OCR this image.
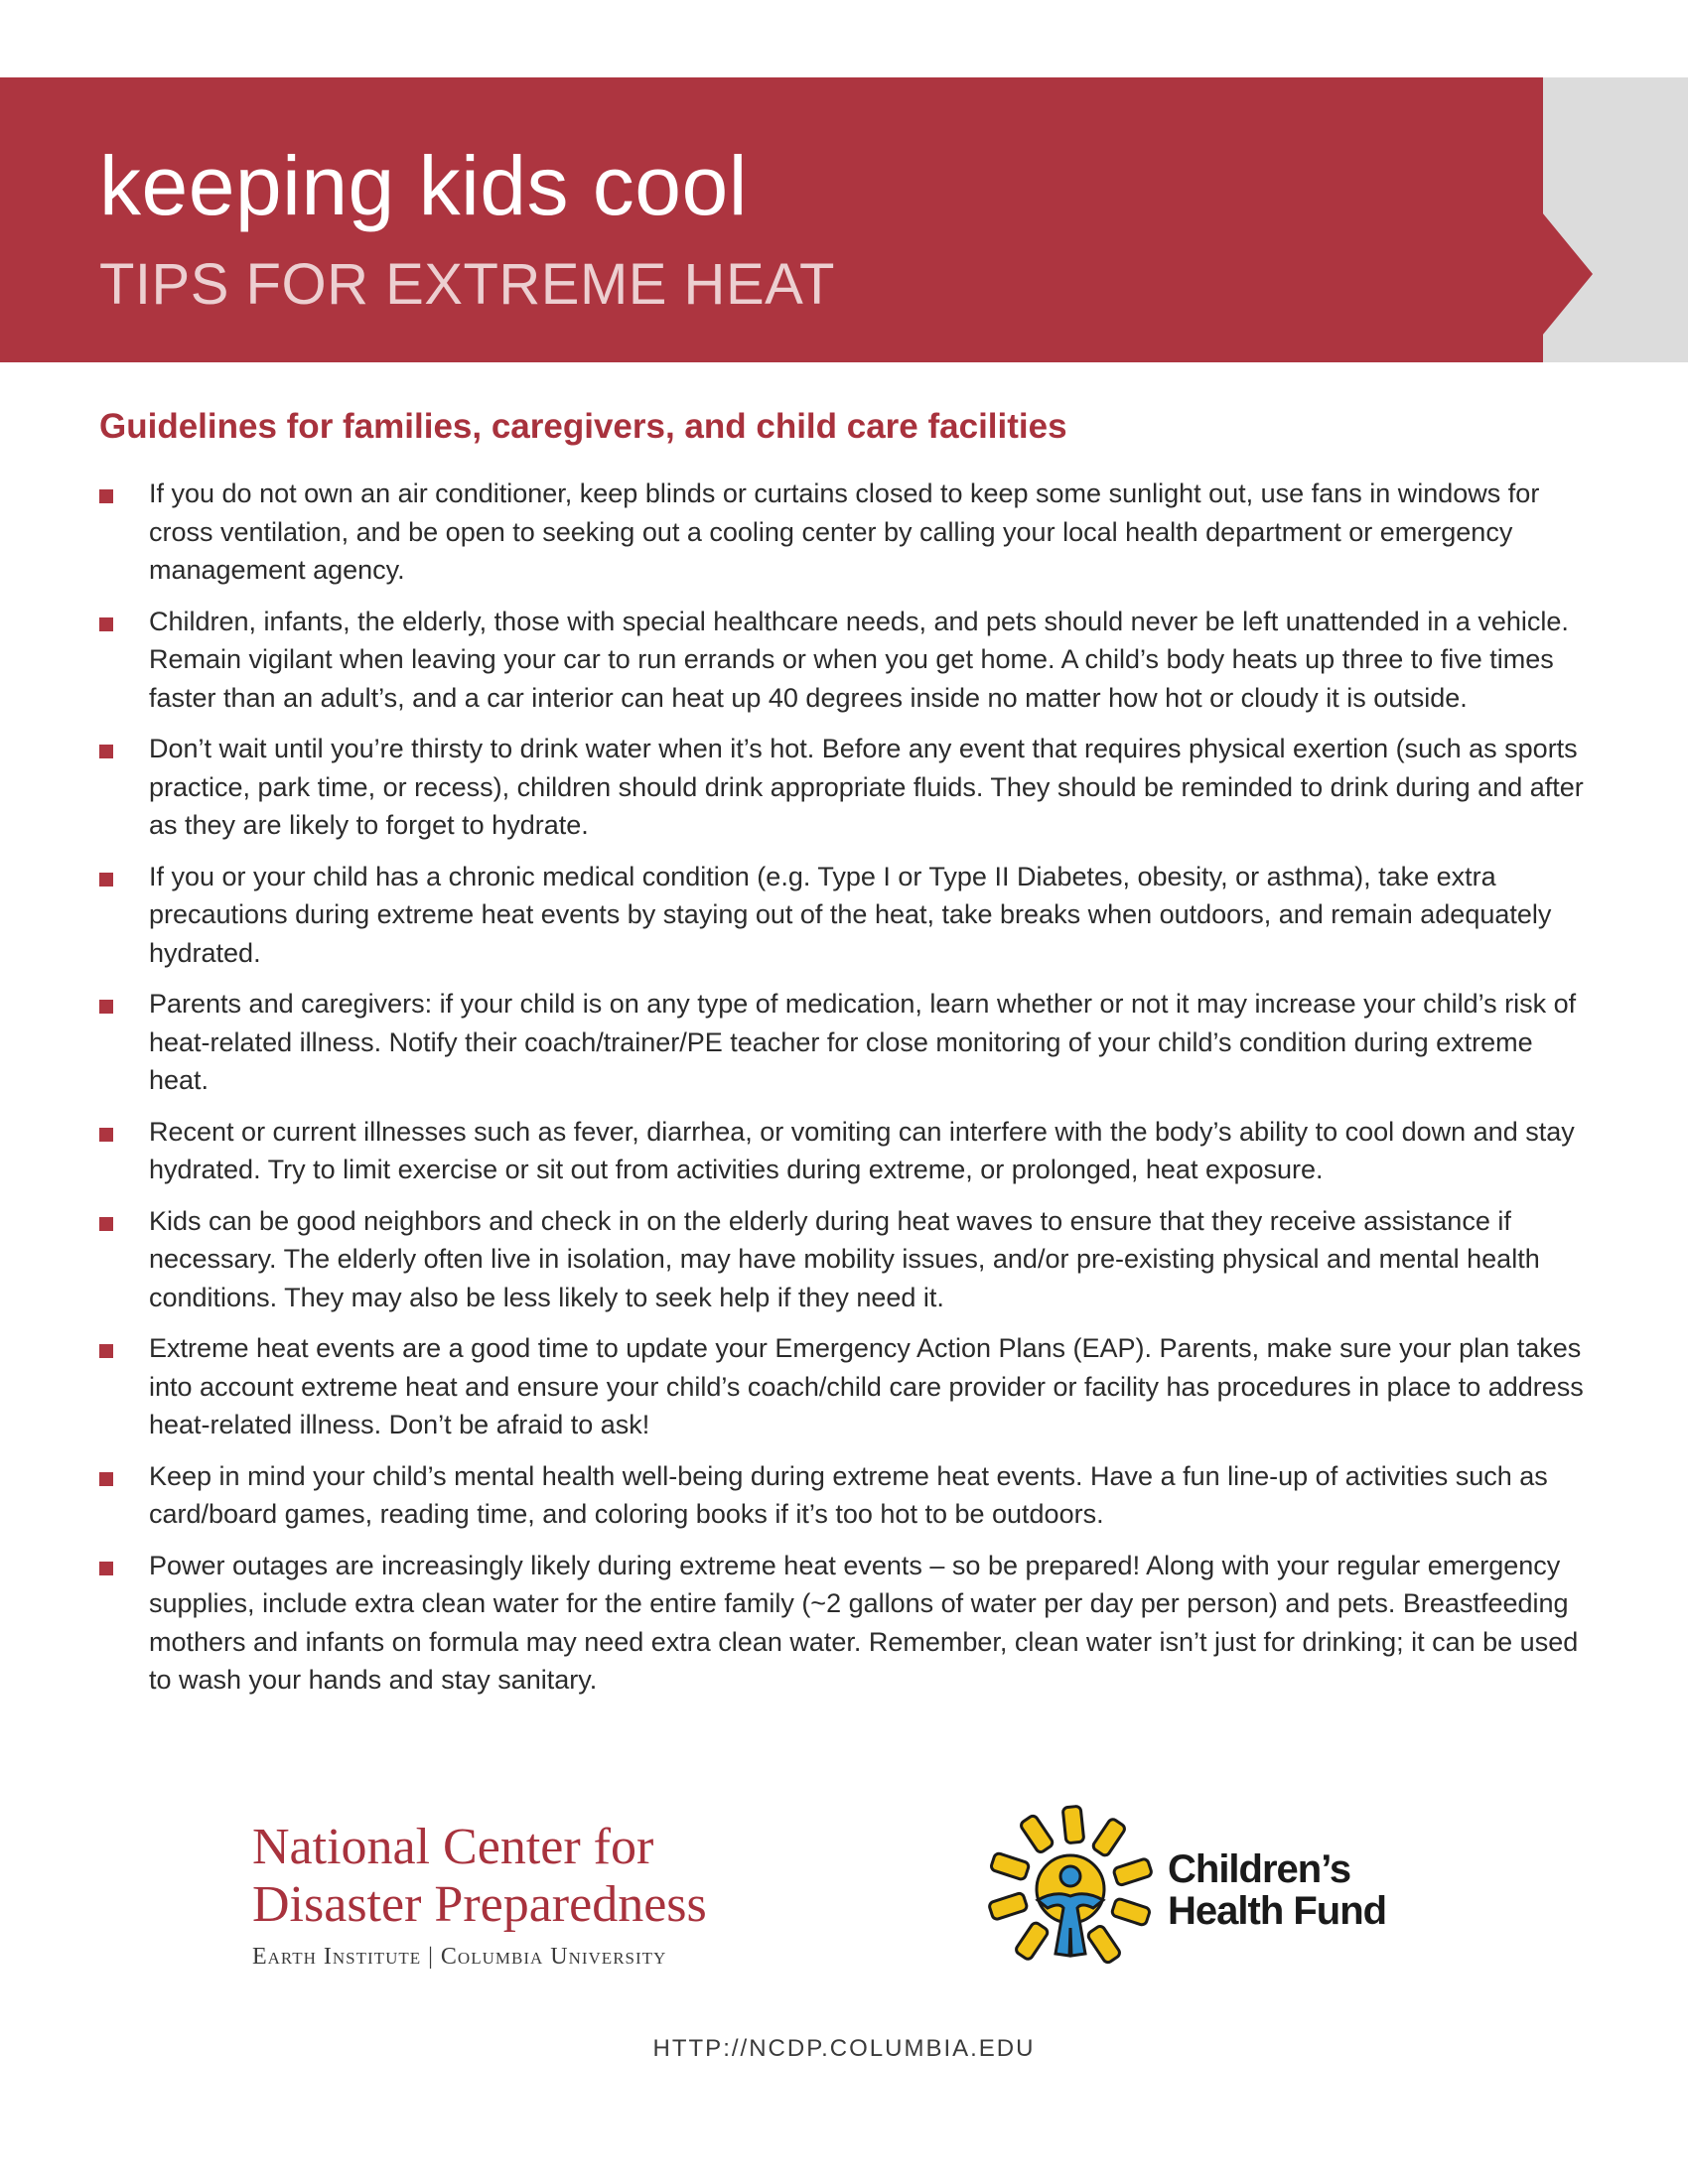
keeping kids cool
TIPS FOR EXTREME HEAT
Guidelines for families, caregivers, and child care facilities
If you do not own an air conditioner, keep blinds or curtains closed to keep some sunlight out, use fans in windows for cross ventilation, and be open to seeking out a cooling center by calling your local health department or emergency management agency.
Children, infants, the elderly, those with special healthcare needs, and pets should never be left unattended in a vehicle. Remain vigilant when leaving your car to run errands or when you get home. A child’s body heats up three to five times faster than an adult’s, and a car interior can heat up 40 degrees inside no matter how hot or cloudy it is outside.
Don’t wait until you’re thirsty to drink water when it’s hot. Before any event that requires physical exertion (such as sports practice, park time, or recess), children should drink appropriate fluids. They should be reminded to drink during and after as they are likely to forget to hydrate.
If you or your child has a chronic medical condition (e.g. Type I or Type II Diabetes, obesity, or asthma), take extra precautions during extreme heat events by staying out of the heat, take breaks when outdoors, and remain adequately hydrated.
Parents and caregivers: if your child is on any type of medication, learn whether or not it may increase your child’s risk of heat-related illness. Notify their coach/trainer/PE teacher for close monitoring of your child’s condition during extreme heat.
Recent or current illnesses such as fever, diarrhea, or vomiting can interfere with the body’s ability to cool down and stay hydrated. Try to limit exercise or sit out from activities during extreme, or prolonged, heat exposure.
Kids can be good neighbors and check in on the elderly during heat waves to ensure that they receive assistance if necessary. The elderly often live in isolation, may have mobility issues, and/or pre-existing physical and mental health conditions. They may also be less likely to seek help if they need it.
Extreme heat events are a good time to update your Emergency Action Plans (EAP). Parents, make sure your plan takes into account extreme heat and ensure your child’s coach/child care provider or facility has procedures in place to address heat-related illness. Don’t be afraid to ask!
Keep in mind your child’s mental health well-being during extreme heat events. Have a fun line-up of activities such as card/board games, reading time, and coloring books if it’s too hot to be outdoors.
Power outages are increasingly likely during extreme heat events – so be prepared! Along with your regular emergency supplies, include extra clean water for the entire family (~2 gallons of water per day per person) and pets. Breastfeeding mothers and infants on formula may need extra clean water. Remember, clean water isn’t just for drinking; it can be used to wash your hands and stay sanitary.
National Center for
Disaster Preparedness
Earth Institute | Columbia University
Children’s
Health Fund
HTTP://NCDP.COLUMBIA.EDU
